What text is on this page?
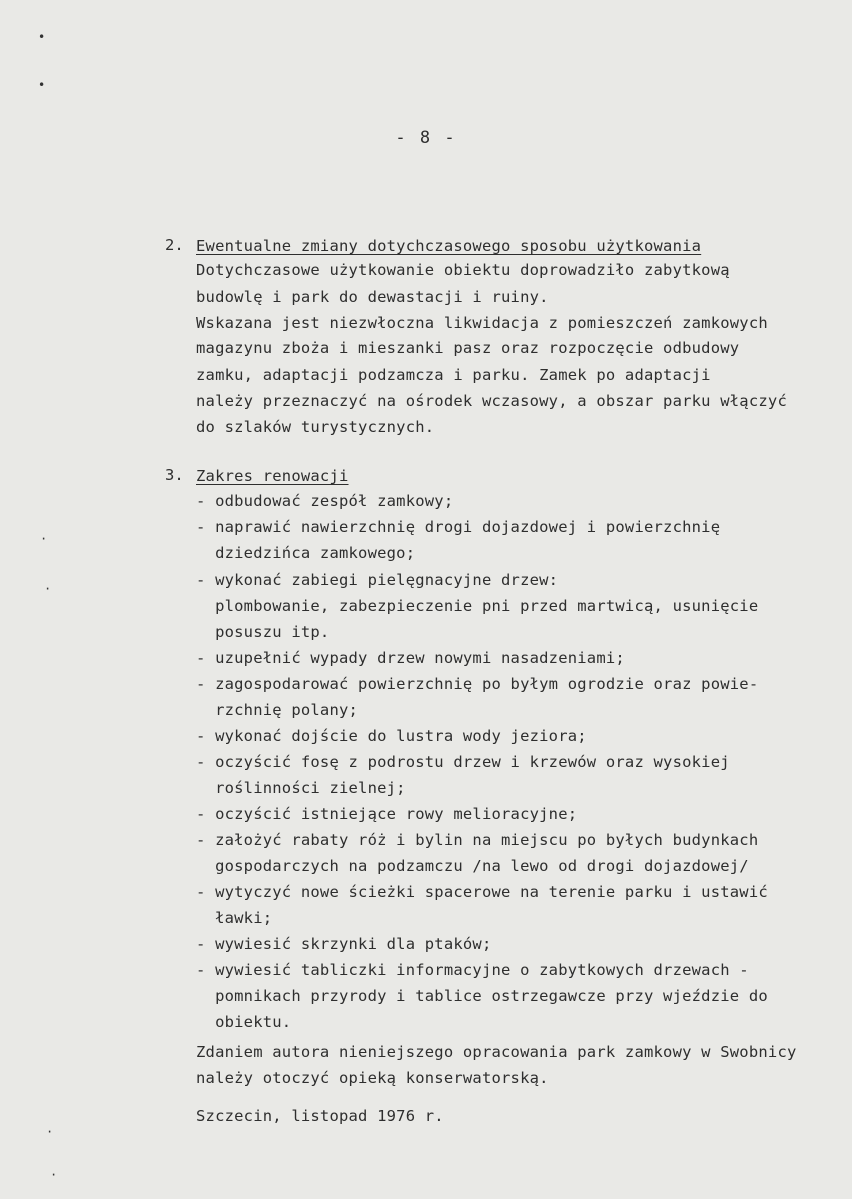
•
•
·
·
·
·
- 8 -
2. Ewentualne zmiany dotychczasowego sposobu użytkowania
Dotychczasowe użytkowanie obiektu doprowadziło zabytkową
budowlę i park do dewastacji i ruiny.
Wskazana jest niezwłoczna likwidacja z pomieszczeń zamkowych
magazynu zboża i mieszanki pasz oraz rozpoczęcie odbudowy
zamku, adaptacji podzamcza i parku. Zamek po adaptacji
należy przeznaczyć na ośrodek wczasowy, a obszar parku włączyć
do szlaków turystycznych.
3. Zakres renowacji
- odbudować zespół zamkowy;
- naprawić nawierzchnię drogi dojazdowej i powierzchnię
dziedzińca zamkowego;
- wykonać zabiegi pielęgnacyjne drzew:
plombowanie, zabezpieczenie pni przed martwicą, usunięcie
posuszu itp.
- uzupełnić wypady drzew nowymi nasadzeniami;
- zagospodarować powierzchnię po byłym ogrodzie oraz powie-
rzchnię polany;
- wykonać dojście do lustra wody jeziora;
- oczyścić fosę z podrostu drzew i krzewów oraz wysokiej
roślinności zielnej;
- oczyścić istniejące rowy melioracyjne;
- założyć rabaty róż i bylin na miejscu po byłych budynkach
gospodarczych na podzamczu /na lewo od drogi dojazdowej/
- wytyczyć nowe ścieżki spacerowe na terenie parku i ustawić
ławki;
- wywiesić skrzynki dla ptaków;
- wywiesić tabliczki informacyjne o zabytkowych drzewach -
pomnikach przyrody i tablice ostrzegawcze przy wjeździe do
obiektu.
Zdaniem autora nieniejszego opracowania park zamkowy w Swobnicy
należy otoczyć opieką konserwatorską.
Szczecin, listopad 1976 r.
